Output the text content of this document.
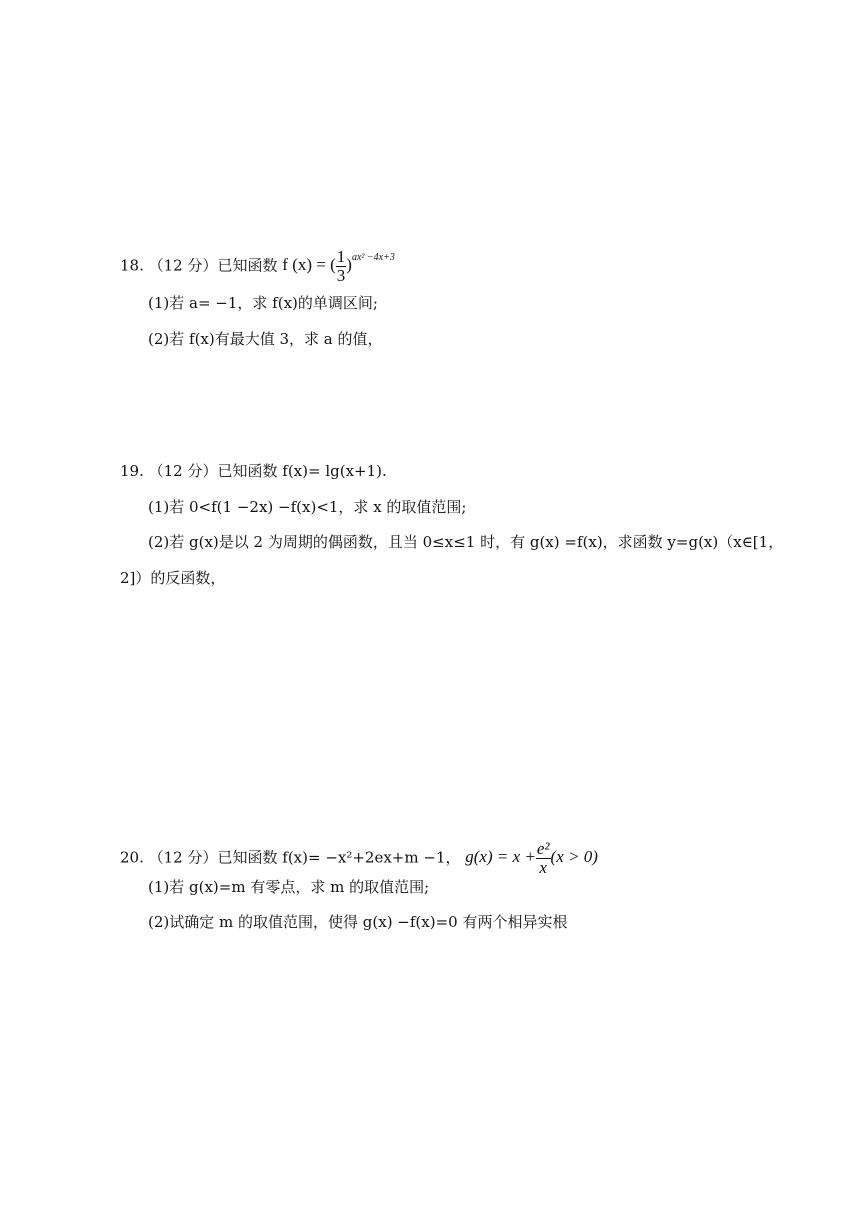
18. （12 分）已知函数 f (x) = ( $\frac{1}{3} )^{ax^2 -4x+3}$
(1)若 a= −1，求 f(x)的单调区间;
(2)若 f(x)有最大值 3，求 a 的值，
19. （12 分）已知函数 f(x)= lg(x+1).
(1)若 0<f(1 −2x) −f(x)<1，求 x 的取值范围;
(2)若 g(x)是以 2 为周期的偶函数，且当 0≤x≤1 时，有 g(x) =f(x)，求函数 y=g(x)（x∈[1，
2]）的反函数，
20. （12 分）已知函数 f(x)= −x²+2ex+m −1， $g(x) = x + \frac{\text{e²}}{x} (x > 0)$
(1)若 g(x)=m 有零点，求 m 的取值范围;
(2)试确定 m 的取值范围，使得 g(x) −f(x)=0 有两个相异实根
